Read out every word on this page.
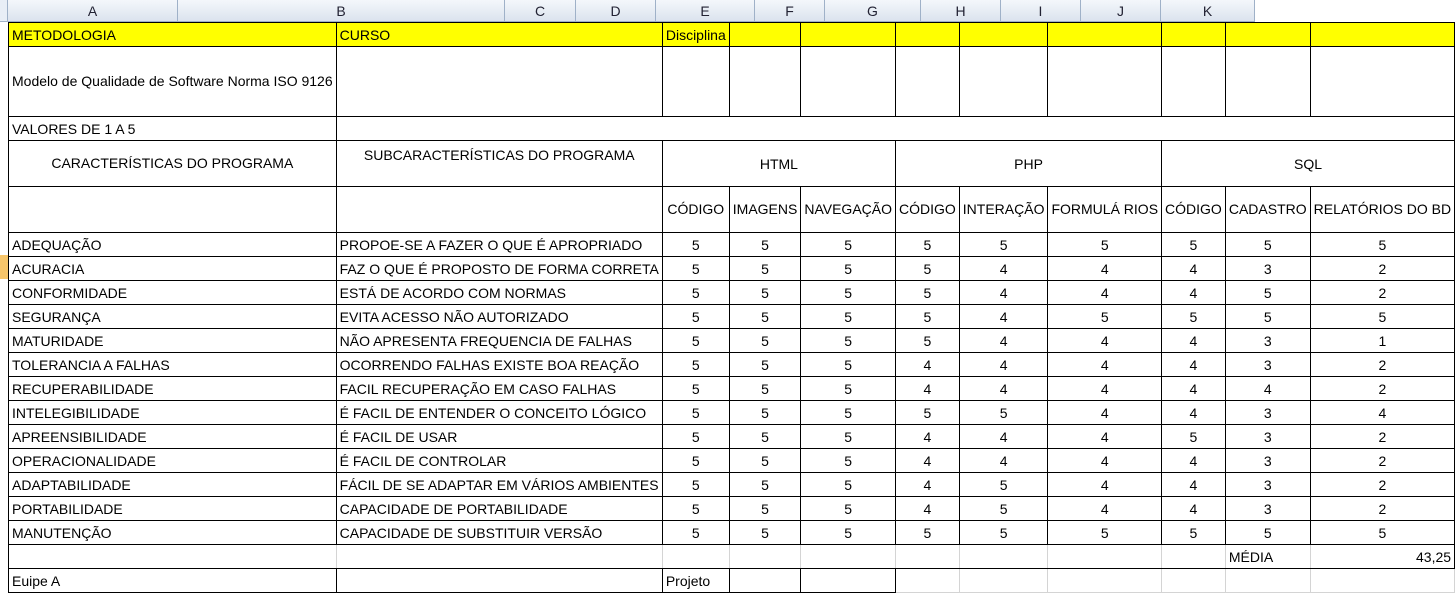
A	B	C	D	E	F	G	H	I	J	K
METODOLOGIA	CURSO	Disciplina								
Modelo de Qualidade de Software Norma ISO 9126										
VALORES DE 1 A 5										
CARACTERÍSTICAS DO PROGRAMA	SUBCARACTERÍSTICAS DO PROGRAMA	HTML			PHP			SQL		
		CÓDIGO	IMAGENS	NAVEGAÇÃO	CÓDIGO	INTERAÇÃO	FORMULÁ RIOS	CÓDIGO	CADASTRO	RELATÓRIOS DO BD
ADEQUAÇÃO	PROPOE-SE A FAZER O QUE É APROPRIADO	5	5	5	5	5	5	5	5	5
ACURACIA	FAZ O QUE É PROPOSTO DE FORMA CORRETA	5	5	5	5	4	4	4	3	2
CONFORMIDADE	ESTÁ DE ACORDO COM NORMAS	5	5	5	5	4	4	4	5	2
SEGURANÇA	EVITA ACESSO NÃO AUTORIZADO	5	5	5	5	4	5	5	5	5
MATURIDADE	NÃO APRESENTA FREQUENCIA DE FALHAS	5	5	5	5	4	4	4	3	1
TOLERANCIA A FALHAS	OCORRENDO FALHAS EXISTE BOA REAÇÃO	5	5	5	4	4	4	4	3	2
RECUPERABILIDADE	FACIL RECUPERAÇÃO EM CASO FALHAS	5	5	5	4	4	4	4	4	2
INTELEGIBILIDADE	É FACIL DE ENTENDER O CONCEITO LÓGICO	5	5	5	5	5	4	4	3	4
APREENSIBILIDADE	É FACIL DE USAR	5	5	5	4	4	4	5	3	2
OPERACIONALIDADE	É FACIL DE CONTROLAR	5	5	5	4	4	4	4	3	2
ADAPTABILIDADE	FÁCIL DE SE ADAPTAR EM VÁRIOS AMBIENTES	5	5	5	4	5	4	4	3	2
PORTABILIDADE	CAPACIDADE DE PORTABILIDADE	5	5	5	4	5	4	4	3	2
MANUTENÇÃO	CAPACIDADE DE SUBSTITUIR VERSÃO	5	5	5	5	5	5	5	5	5
									MÉDIA	43,25
Euipe A		Projeto								
